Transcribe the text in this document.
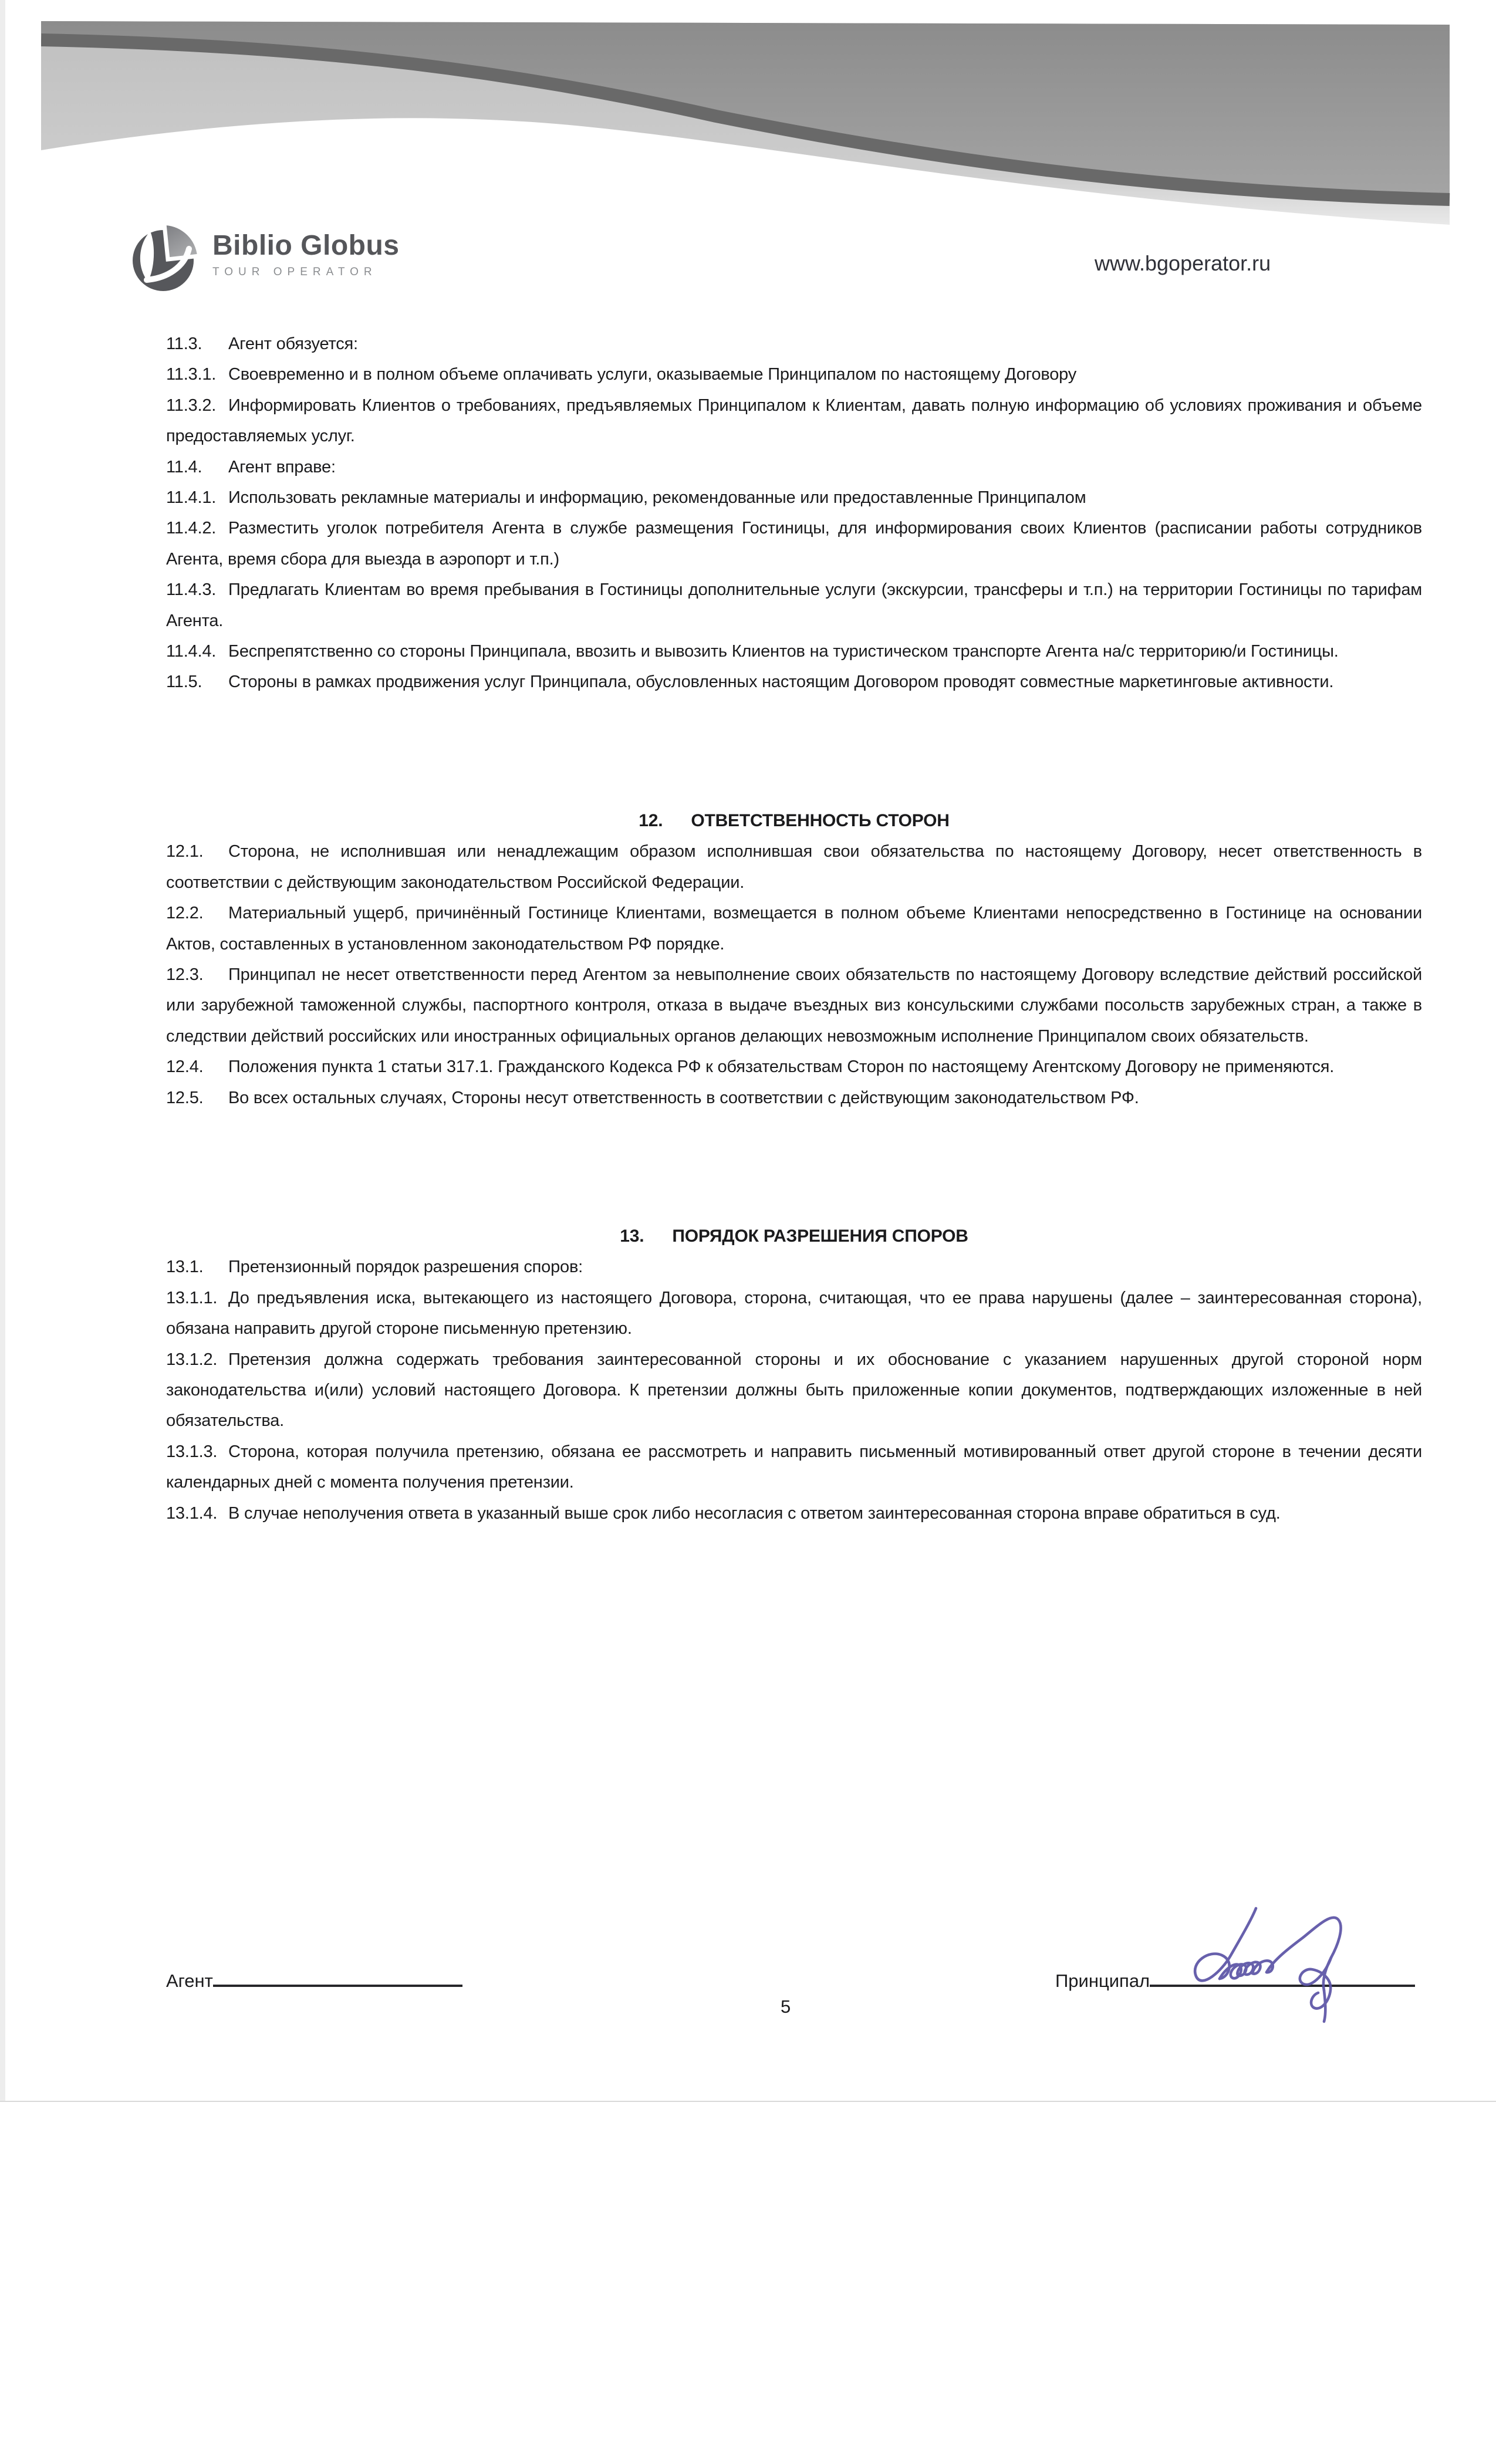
Biblio Globus
TOUR OPERATOR	www.bgoperator.ru

11.3. Агент обязуется:

11.3.1. Своевременно и в полном объеме оплачивать услуги, оказываемые Принципалом по настоящему Договору

11.3.2. Информировать Клиентов о требованиях, предъявляемых Принципалом к Клиентам, давать полную информацию об условиях проживания и объеме предоставляемых услуг.

11.4. Агент вправе:

11.4.1. Использовать рекламные материалы и информацию, рекомендованные или предоставленные Принципалом

11.4.2. Разместить уголок потребителя Агента в службе размещения Гостиницы, для информирования своих Клиентов (расписании работы сотрудников Агента, время сбора для выезда в аэропорт и т.п.)

11.4.3. Предлагать Клиентам во время пребывания в Гостиницы дополнительные услуги (экскурсии, трансферы и т.п.) на территории Гостиницы по тарифам Агента.

11.4.4. Беспрепятственно со стороны Принципала, ввозить и вывозить Клиентов на туристическом транспорте Агента на/с территорию/и Гостиницы.

11.5. Стороны в рамках продвижения услуг Принципала, обусловленных настоящим Договором проводят совместные маркетинговые активности.

12. ОТВЕТСТВЕННОСТЬ СТОРОН

12.1. Сторона, не исполнившая или ненадлежащим образом исполнившая свои обязательства по настоящему Договору, несет ответственность в соответствии с действующим законодательством Российской Федерации.

12.2. Материальный ущерб, причинённый Гостинице Клиентами, возмещается в полном объеме Клиентами непосредственно в Гостинице на основании Актов, составленных в установленном законодательством РФ порядке.

12.3. Принципал не несет ответственности перед Агентом за невыполнение своих обязательств по настоящему Договору вследствие действий российской или зарубежной таможенной службы, паспортного контроля, отказа в выдаче въездных виз консульскими службами посольств зарубежных стран, а также в следствии действий российских или иностранных официальных органов делающих невозможным исполнение Принципалом своих обязательств.

12.4. Положения пункта 1 статьи 317.1. Гражданского Кодекса РФ к обязательствам Сторон по настоящему Агентскому Договору не применяются.

12.5. Во всех остальных случаях, Стороны несут ответственность в соответствии с действующим законодательством РФ.

13. ПОРЯДОК РАЗРЕШЕНИЯ СПОРОВ

13.1. Претензионный порядок разрешения споров:

13.1.1. До предъявления иска, вытекающего из настоящего Договора, сторона, считающая, что ее права нарушены (далее – заинтересованная сторона), обязана направить другой стороне письменную претензию.

13.1.2. Претензия должна содержать требования заинтересованной стороны и их обоснование с указанием нарушенных другой стороной норм законодательства и(или) условий настоящего Договора. К претензии должны быть приложенные копии документов, подтверждающих изложенные в ней обязательства.

13.1.3. Сторона, которая получила претензию, обязана ее рассмотреть и направить письменный мотивированный ответ другой стороне в течении десяти календарных дней с момента получения претензии.

13.1.4. В случае неполучения ответа в указанный выше срок либо несогласия с ответом заинтересованная сторона вправе обратиться в суд.

Агент	Принципал
5
